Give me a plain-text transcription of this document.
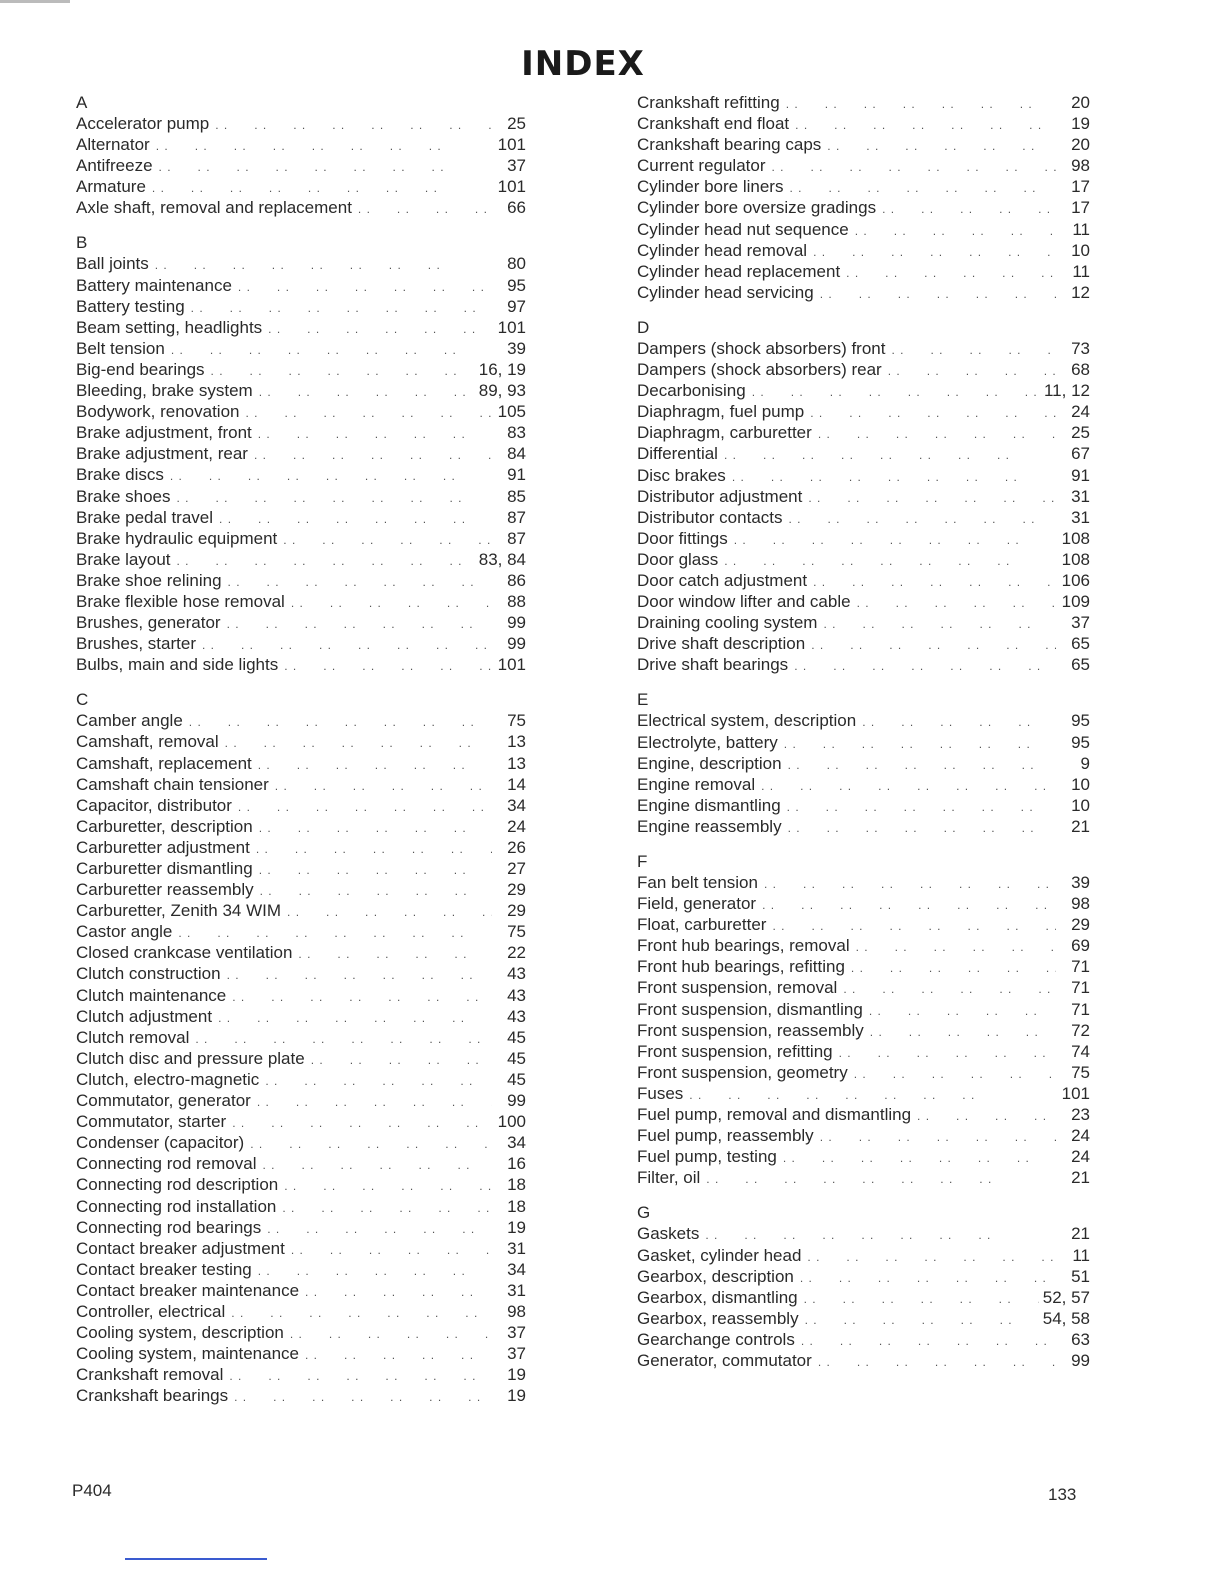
INDEX
A
Accelerator pump . .  	25
Alternator . .  	101
Antifreeze . .  	37
Armature . .  	101
Axle shaft, removal and replacement . .  	66
B
Ball joints . .  	80
Battery maintenance . .  	95
Battery testing . .  	97
Beam setting, headlights . .  	101
Belt tension . .  	39
Big-end bearings . .  	16, 19
Bleeding, brake system . .  	89, 93
Bodywork, renovation . .  	105
Brake adjustment, front . .  	83
Brake adjustment, rear . .  	84
Brake discs . .  	91
Brake shoes . .  	85
Brake pedal travel . .  	87
Brake hydraulic equipment . .  	87
Brake layout . .  	83, 84
Brake shoe relining . .  	86
Brake flexible hose removal . .  	88
Brushes, generator . .  	99
Brushes, starter . .  	99
Bulbs, main and side lights . .  	101
C
Camber angle . .  	75
Camshaft, removal . .  	13
Camshaft, replacement . .  	13
Camshaft chain tensioner . .  	14
Capacitor, distributor . .  	34
Carburetter, description . .  	24
Carburetter adjustment . .  	26
Carburetter dismantling . .  	27
Carburetter reassembly . .  	29
Carburetter, Zenith 34 WIM . .  	29
Castor angle . .  	75
Closed crankcase ventilation . .  	22
Clutch construction . .  	43
Clutch maintenance . .  	43
Clutch adjustment . .  	43
Clutch removal . .  	45
Clutch disc and pressure plate . .  	45
Clutch, electro-magnetic . .  	45
Commutator, generator . .  	99
Commutator, starter . .  	100
Condenser (capacitor) . .  	34
Connecting rod removal . .  	16
Connecting rod description . .  	18
Connecting rod installation . .  	18
Connecting rod bearings . .  	19
Contact breaker adjustment . .  	31
Contact breaker testing . .  	34
Contact breaker maintenance . .  	31
Controller, electrical . .  	98
Cooling system, description . .  	37
Cooling system, maintenance . .  	37
Crankshaft removal . .  	19
Crankshaft bearings . .  	19
Crankshaft refitting . .  	20
Crankshaft end float . .  	19
Crankshaft bearing caps . .  	20
Current regulator . .  	98
Cylinder bore liners . .  	17
Cylinder bore oversize gradings . .  	17
Cylinder head nut sequence . .  	11
Cylinder head removal . .  	10
Cylinder head replacement . .  	11
Cylinder head servicing . .  	12
D
Dampers (shock absorbers) front . .  	73
Dampers (shock absorbers) rear . .  	68
Decarbonising . .  	11, 12
Diaphragm, fuel pump . .  	24
Diaphragm, carburetter . .  	25
Differential . .  	67
Disc brakes . .  	91
Distributor adjustment . .  	31
Distributor contacts . .  	31
Door fittings . .  	108
Door glass . .  	108
Door catch adjustment . .  	106
Door window lifter and cable . .  	109
Draining cooling system . .  	37
Drive shaft description . .  	65
Drive shaft bearings . .  	65
E
Electrical system, description . .  	95
Electrolyte, battery . .  	95
Engine, description . .  	9
Engine removal . .  	10
Engine dismantling . .  	10
Engine reassembly . .  	21
F
Fan belt tension . .  	39
Field, generator . .  	98
Float, carburetter . .  	29
Front hub bearings, removal . .  	69
Front hub bearings, refitting . .  	71
Front suspension, removal . .  	71
Front suspension, dismantling . .  	71
Front suspension, reassembly . .  	72
Front suspension, refitting . .  	74
Front suspension, geometry . .  	75
Fuses . .  	101
Fuel pump, removal and dismantling . .  	23
Fuel pump, reassembly . .  	24
Fuel pump, testing . .  	24
Filter, oil . .  	21
G
Gaskets . .  	21
Gasket, cylinder head . .  	11
Gearbox, description . .  	51
Gearbox, dismantling . .  	52, 57
Gearbox, reassembly . .  	54, 58
Gearchange controls . .  	63
Generator, commutator . .  	99
P404	133
